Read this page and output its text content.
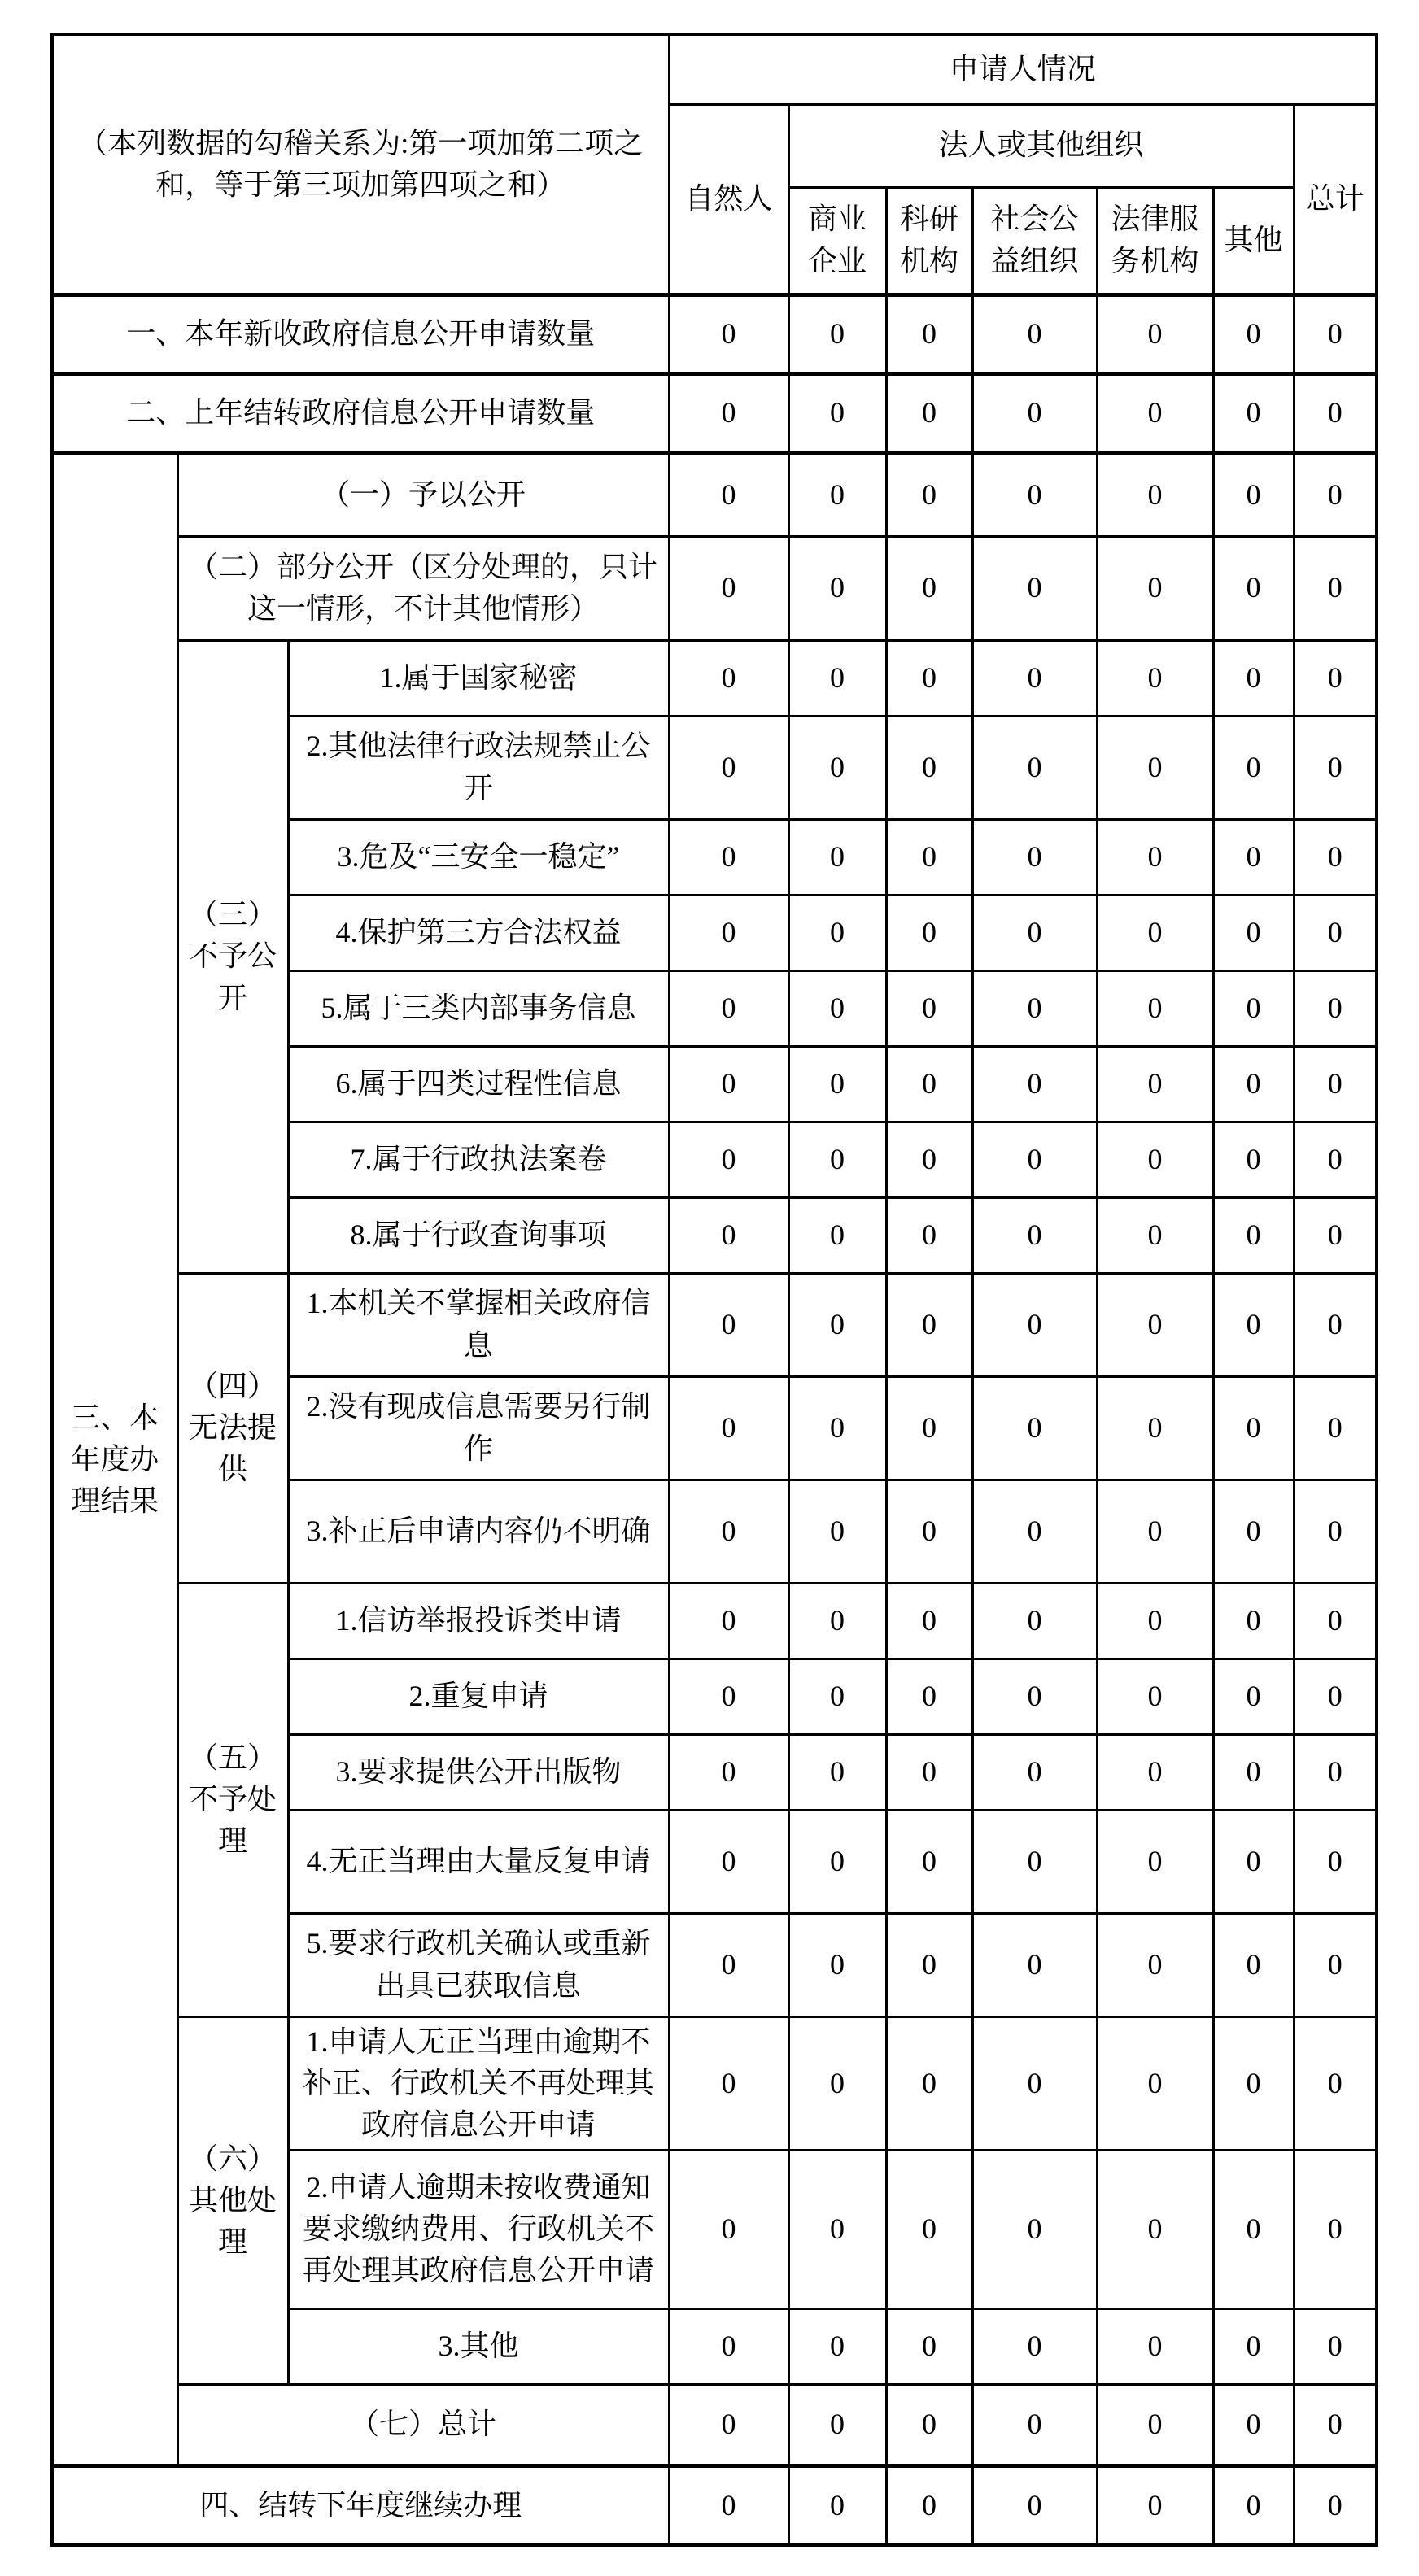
（本列数据的勾稽关系为:第一项加第二项之和，等于第三项加第四项之和）			申请人情况						
			自然人	法人或其他组织					总计
				商业企业	科研机构	社会公益组织	法律服务机构	其他	
一、本年新收政府信息公开申请数量			0	0	0	0	0	0	0
二、上年结转政府信息公开申请数量			0	0	0	0	0	0	0
三、本年度办理结果	（一）予以公开		0	0	0	0	0	0	0
	（二）部分公开（区分处理的，只计这一情形，不计其他情形）		0	0	0	0	0	0	0
	（三）不予公开	1.属于国家秘密	0	0	0	0	0	0	0
		2.其他法律行政法规禁止公开	0	0	0	0	0	0	0
		3.危及“三安全一稳定”	0	0	0	0	0	0	0
		4.保护第三方合法权益	0	0	0	0	0	0	0
		5.属于三类内部事务信息	0	0	0	0	0	0	0
		6.属于四类过程性信息	0	0	0	0	0	0	0
		7.属于行政执法案卷	0	0	0	0	0	0	0
		8.属于行政查询事项	0	0	0	0	0	0	0
	（四）无法提供	1.本机关不掌握相关政府信息	0	0	0	0	0	0	0
		2.没有现成信息需要另行制作	0	0	0	0	0	0	0
		3.补正后申请内容仍不明确	0	0	0	0	0	0	0
	（五）不予处理	1.信访举报投诉类申请	0	0	0	0	0	0	0
		2.重复申请	0	0	0	0	0	0	0
		3.要求提供公开出版物	0	0	0	0	0	0	0
		4.无正当理由大量反复申请	0	0	0	0	0	0	0
		5.要求行政机关确认或重新出具已获取信息	0	0	0	0	0	0	0
	（六）其他处理	1.申请人无正当理由逾期不补正、行政机关不再处理其政府信息公开申请	0	0	0	0	0	0	0
		2.申请人逾期未按收费通知要求缴纳费用、行政机关不再处理其政府信息公开申请	0	0	0	0	0	0	0
		3.其他	0	0	0	0	0	0	0
	（七）总计		0	0	0	0	0	0	0
四、结转下年度继续办理			0	0	0	0	0	0	0
